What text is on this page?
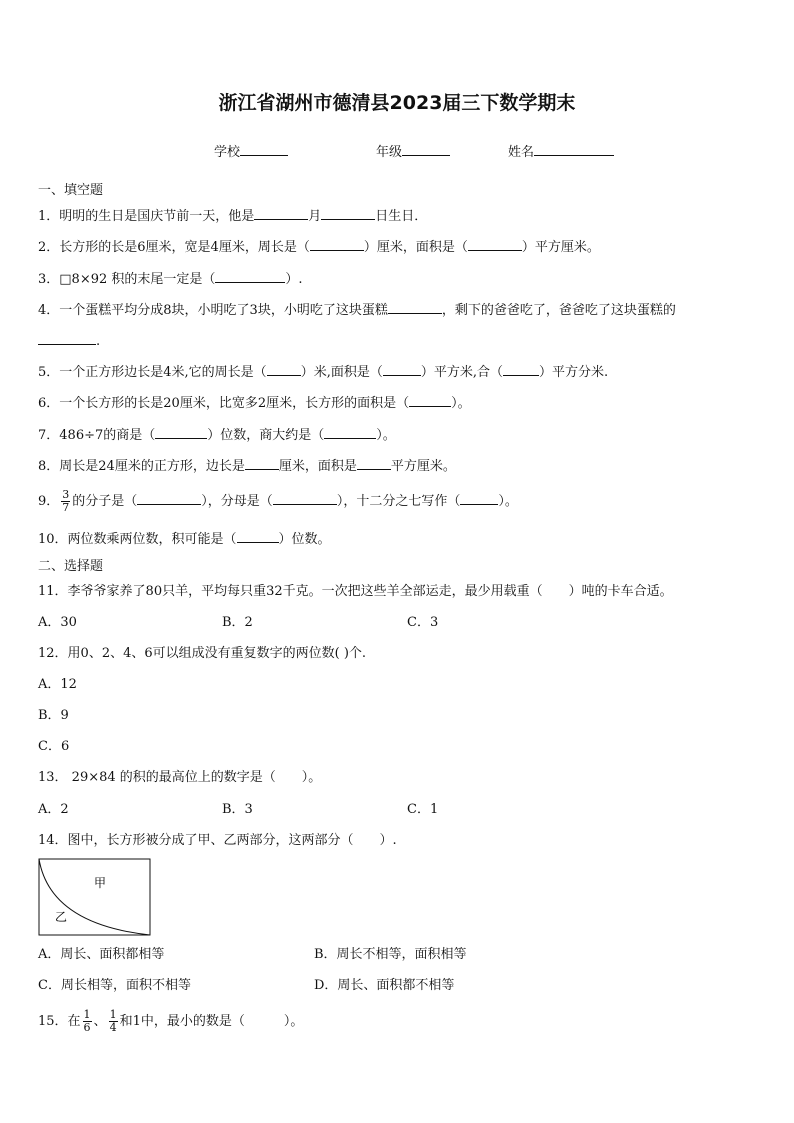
浙江省湖州市德清县2023届三下数学期末
学校	年级	姓名
一、填空题
1．明明的生日是国庆节前一天，他是	月	日生日．
2．长方形的长是6厘米，宽是4厘米，周长是（	）厘米，面积是（	）平方厘米。
3．□8×92 积的末尾一定是（	）.
4．一个蛋糕平均分成8块，小明吃了3块，小明吃了这块蛋糕	，剩下的爸爸吃了，爸爸吃了这块蛋糕的
.
5．一个正方形边长是4米,它的周长是（	）米,面积是（	）平方米,合（	）平方分米.
6．一个长方形的长是20厘米，比宽多2厘米，长方形的面积是（	）。
7．486÷7的商是（	）位数，商大约是（	）。
8．周长是24厘米的正方形，边长是	厘米，面积是	平方厘米。
9． $\frac{3}{7}$ 的分子是（	），分母是（	），十二分之七写作（	）。
10．两位数乘两位数，积可能是（	）位数。
二、选择题
11．李爷爷家养了80只羊，平均每只重32千克。一次把这些羊全部运走，最少用载重（　　）吨的卡车合适。
A．30	B．2	C．3
12．用0、2、4、6可以组成没有重复数字的两位数( )个.
A．12
B．9
C．6
13． 29×84 的积的最高位上的数字是（　　）。
A．2	B．3	C．1
14．图中，长方形被分成了甲、乙两部分，这两部分（　　）.
甲
乙
A．周长、面积都相等	B．周长不相等，面积相等
C．周长相等，面积不相等	D．周长、面积都不相等
15．在 $\frac{1}{6}$ 、 $\frac{1}{4}$ 和1中，最小的数是（　　　）。
